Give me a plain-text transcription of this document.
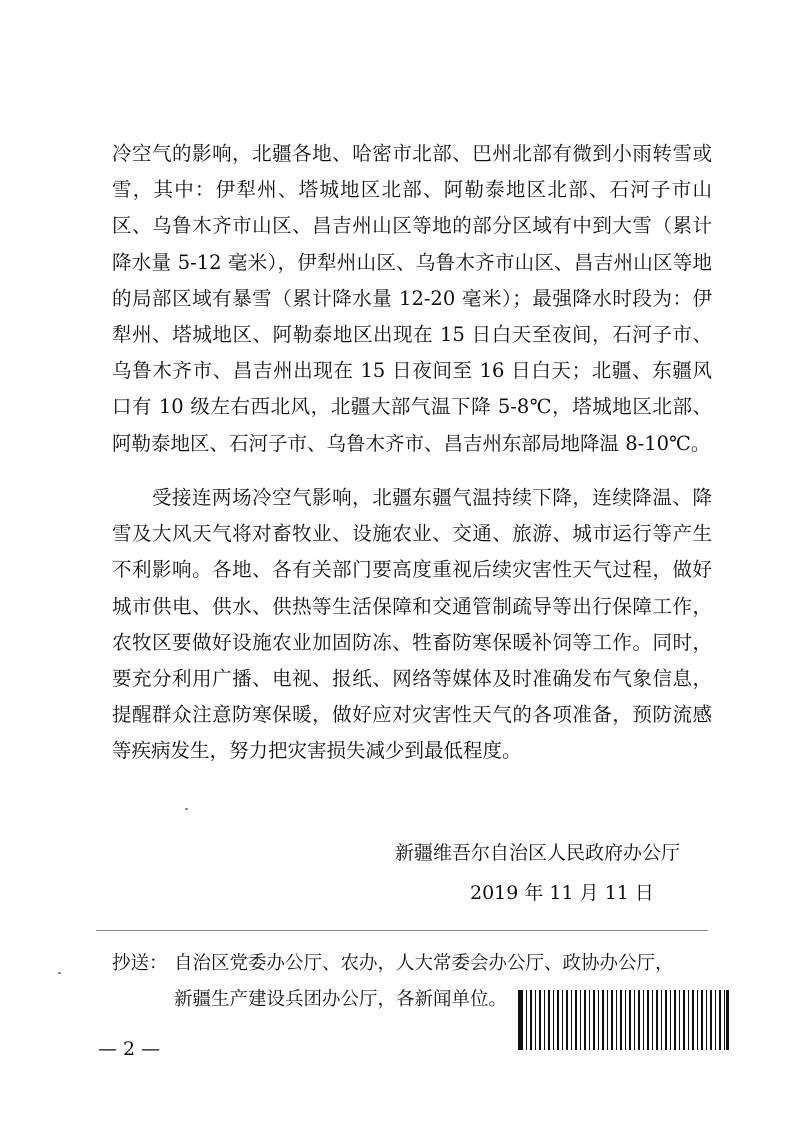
冷空气的影响，北疆各地、哈密市北部、巴州北部有微到小雨转雪或雪，其中：伊犁州、塔城地区北部、阿勒泰地区北部、石河子市山区、乌鲁木齐市山区、昌吉州山区等地的部分区域有中到大雪（累计降水量 5-12 毫米），伊犁州山区、乌鲁木齐市山区、昌吉州山区等地的局部区域有暴雪（累计降水量 12-20 毫米）；最强降水时段为：伊犁州、塔城地区、阿勒泰地区出现在 15 日白天至夜间，石河子市、乌鲁木齐市、昌吉州出现在 15 日夜间至 16 日白天；北疆、东疆风口有 10 级左右西北风，北疆大部气温下降 5-8℃，塔城地区北部、阿勒泰地区、石河子市、乌鲁木齐市、昌吉州东部局地降温 8-10℃。

受接连两场冷空气影响，北疆东疆气温持续下降，连续降温、降雪及大风天气将对畜牧业、设施农业、交通、旅游、城市运行等产生不利影响。各地、各有关部门要高度重视后续灾害性天气过程，做好城市供电、供水、供热等生活保障和交通管制疏导等出行保障工作，农牧区要做好设施农业加固防冻、牲畜防寒保暖补饲等工作。同时，要充分利用广播、电视、报纸、网络等媒体及时准确发布气象信息，提醒群众注意防寒保暖，做好应对灾害性天气的各项准备，预防流感等疾病发生，努力把灾害损失减少到最低程度。

新疆维吾尔自治区人民政府办公厅
2019 年 11 月 11 日
抄送： 自治区党委办公厅、农办，人大常委会办公厅、政协办公厅，
新疆生产建设兵团办公厅，各新闻单位。
— 2 —
